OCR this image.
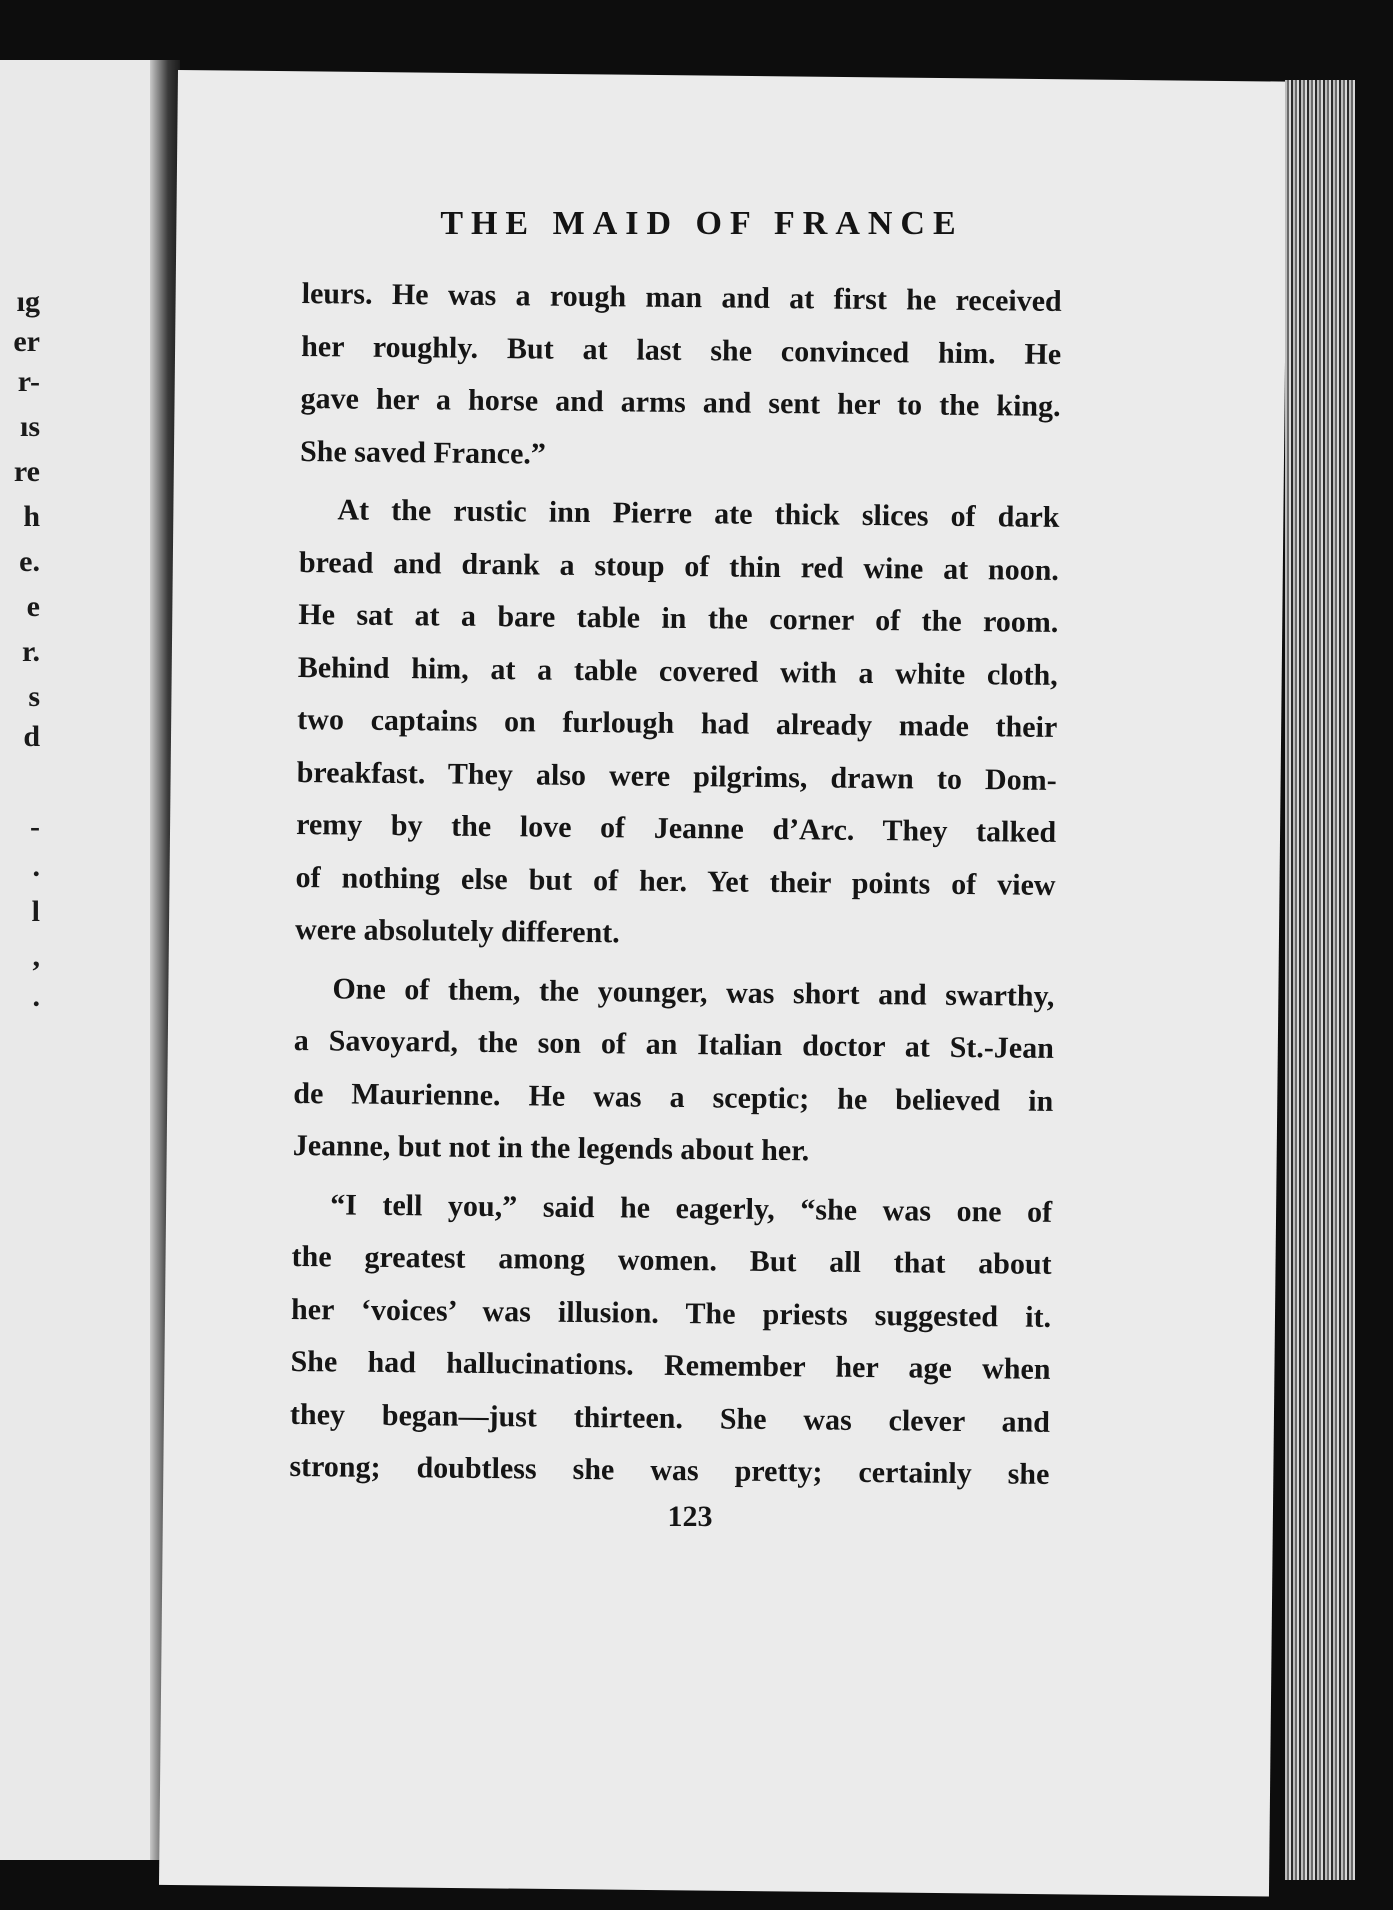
ıg
er
r-
ıs
re
h
e.
e
r.
s
d
-
.
l
,
.
THE MAID OF FRANCE

leurs. He was a rough man and at first he received

her roughly. But at last she convinced him. He

gave her a horse and arms and sent her to the king.

She saved France.”

At the rustic inn Pierre ate thick slices of dark

bread and drank a stoup of thin red wine at noon.

He sat at a bare table in the corner of the room.

Behind him, at a table covered with a white cloth,

two captains on furlough had already made their

breakfast. They also were pilgrims, drawn to Dom-

remy by the love of Jeanne d’Arc. They talked

of nothing else but of her. Yet their points of view

were absolutely different.

One of them, the younger, was short and swarthy,

a Savoyard, the son of an Italian doctor at St.-Jean

de Maurienne. He was a sceptic; he believed in

Jeanne, but not in the legends about her.

“I tell you,” said he eagerly, “she was one of

the greatest among women. But all that about

her ‘voices’ was illusion. The priests suggested it.

She had hallucinations. Remember her age when

they began—just thirteen. She was clever and

strong; doubtless she was pretty; certainly she

123
